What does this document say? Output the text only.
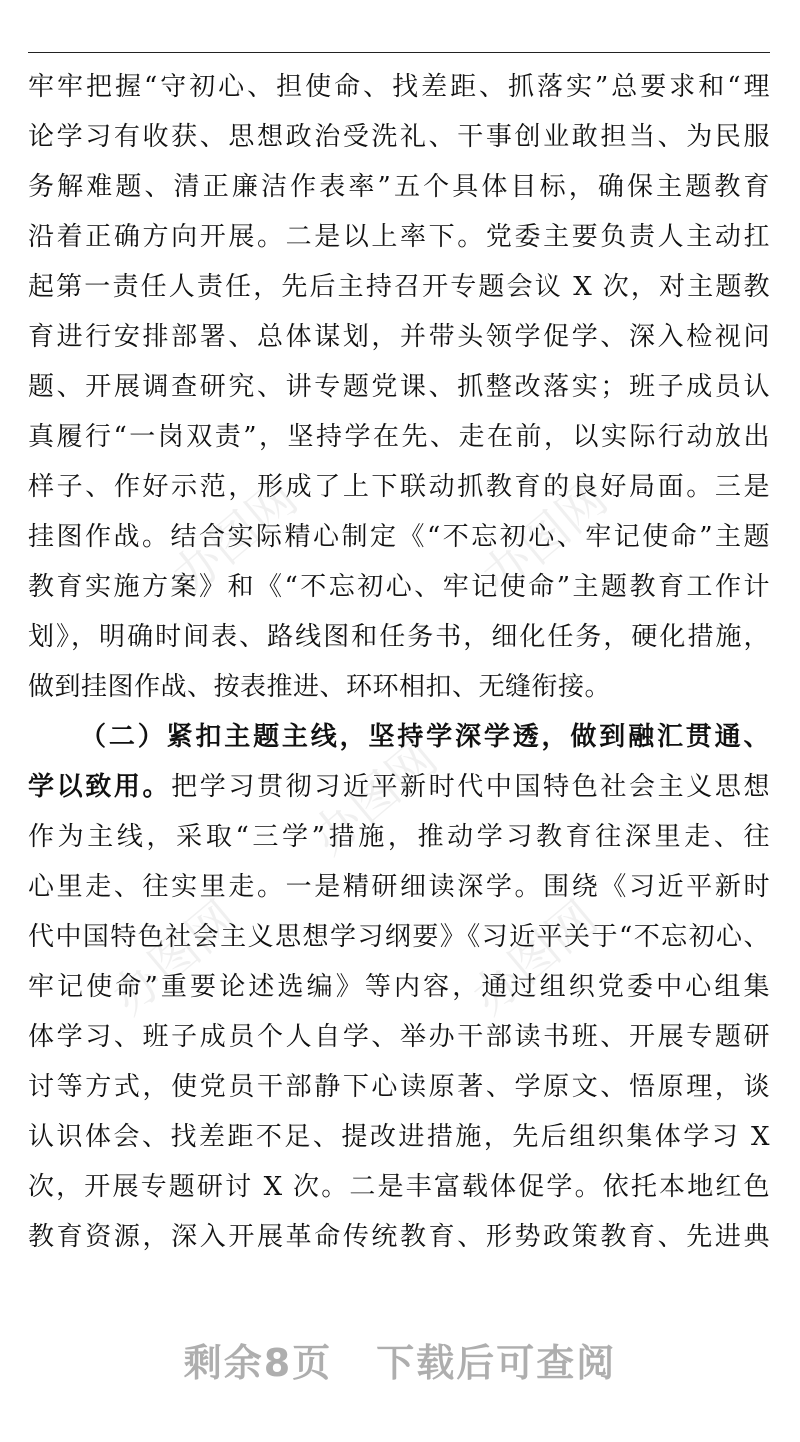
办图网	办图网
办图网
办图网	办图网
牢牢把握“守初心、担使命、找差距、抓落实”总要求和“理
论学习有收获、思想政治受洗礼、干事创业敢担当、为民服
务解难题、清正廉洁作表率”五个具体目标，确保主题教育
沿着正确方向开展。二是以上率下。党委主要负责人主动扛
起第一责任人责任，先后主持召开专题会议 X 次，对主题教
育进行安排部署、总体谋划，并带头领学促学、深入检视问
题、开展调查研究、讲专题党课、抓整改落实；班子成员认
真履行“一岗双责”，坚持学在先、走在前，以实际行动放出
样子、作好示范，形成了上下联动抓教育的良好局面。三是
挂图作战。结合实际精心制定《“不忘初心、牢记使命”主题
教育实施方案》和《“不忘初心、牢记使命”主题教育工作计
划》，明确时间表、路线图和任务书，细化任务，硬化措施，
做到挂图作战、按表推进、环环相扣、无缝衔接。
（二）紧扣主题主线，坚持学深学透，做到融汇贯通、
学以致用。把学习贯彻习近平新时代中国特色社会主义思想
作为主线，采取“三学”措施，推动学习教育往深里走、往
心里走、往实里走。一是精研细读深学。围绕《习近平新时
代中国特色社会主义思想学习纲要》《习近平关于“不忘初心、
牢记使命”重要论述选编》等内容，通过组织党委中心组集
体学习、班子成员个人自学、举办干部读书班、开展专题研
讨等方式，使党员干部静下心读原著、学原文、悟原理，谈
认识体会、找差距不足、提改进措施，先后组织集体学习 X
次，开展专题研讨 X 次。二是丰富载体促学。依托本地红色
教育资源，深入开展革命传统教育、形势政策教育、先进典
剩余8页 下载后可查阅
